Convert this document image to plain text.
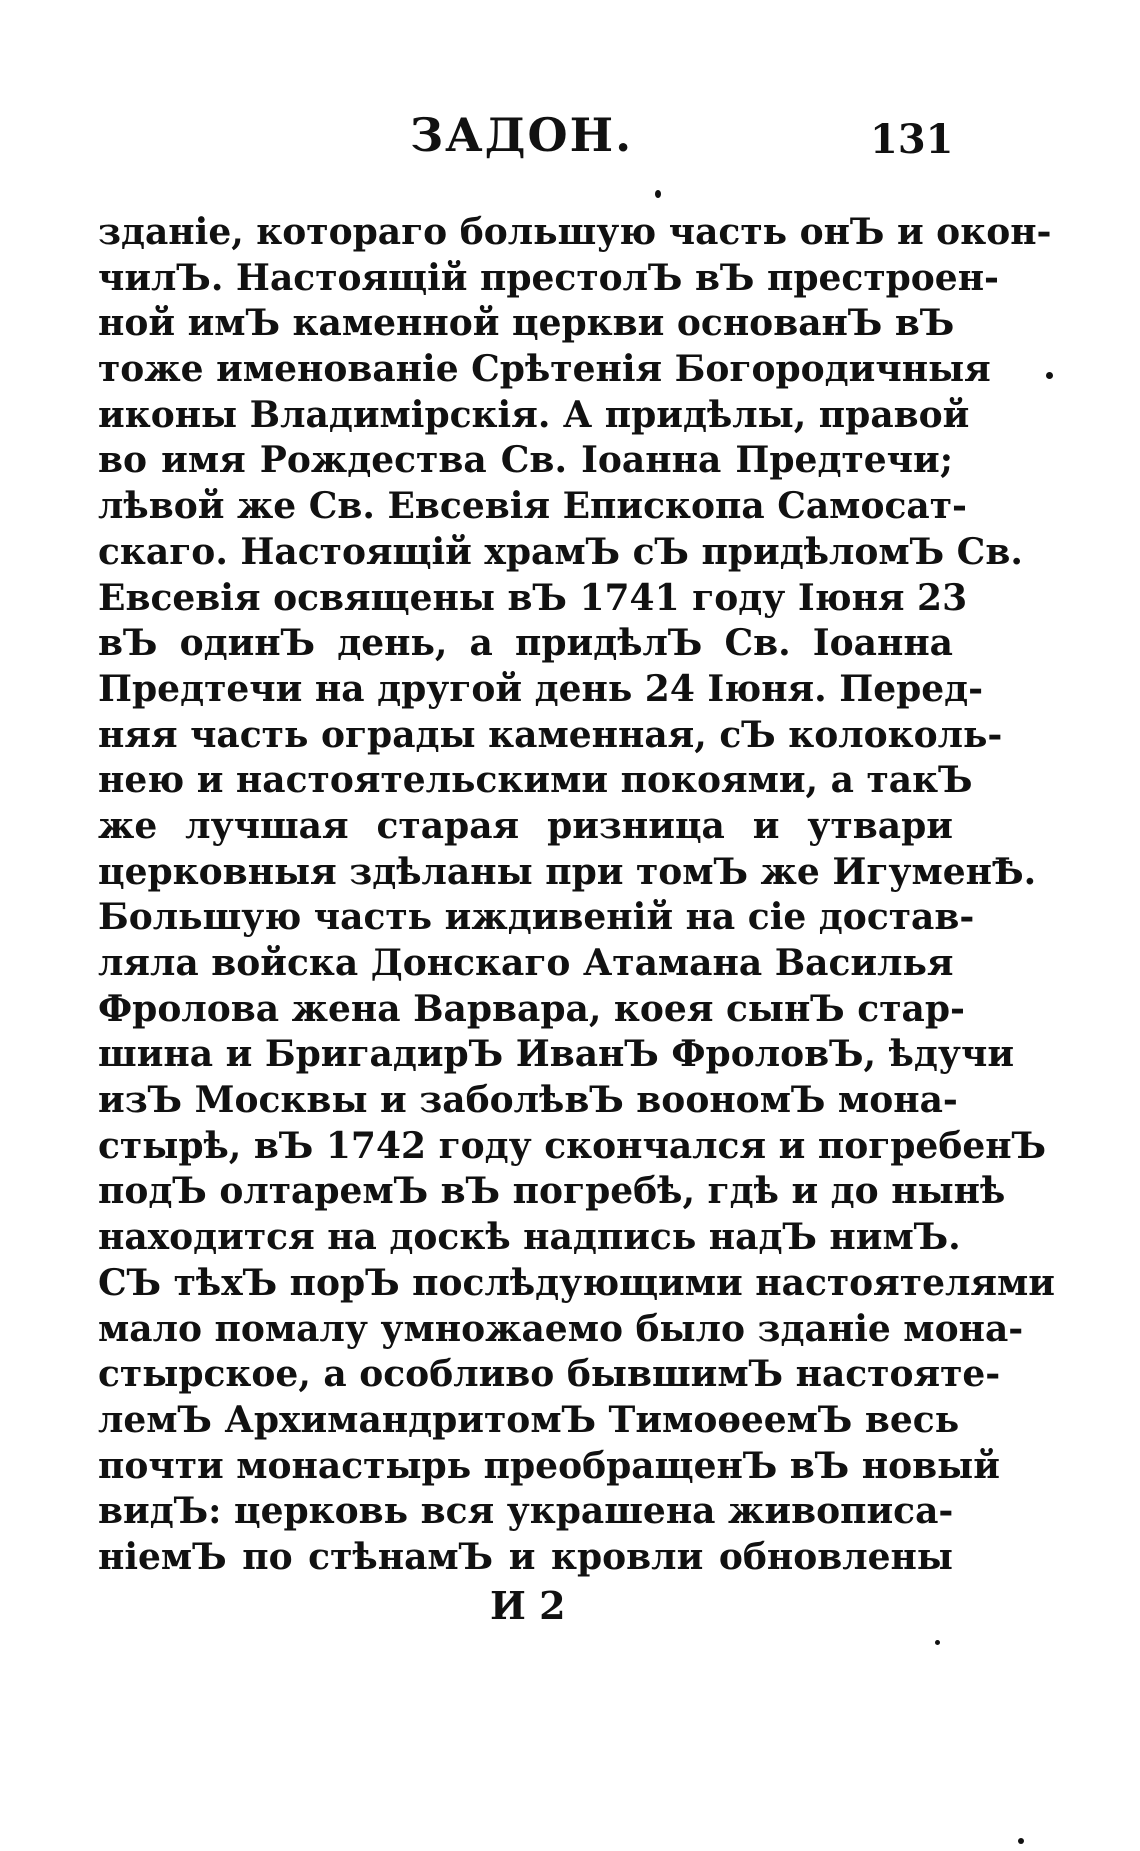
ЗАДОН.	131
зданіе, котораго большую часть онЪ и окон-
чилЪ. Настоящій престолЪ вЪ престроен-
ной имЪ каменной церкви основанЪ вЪ
тоже именованіе Срѣтенія Богородичныя
иконы Владимірскія. А придѣлы, правой
во имя Рождества Св. Іоанна Предтечи;
лѣвой же Св. Евсевія Епископа Самосат-
скаго. Настоящій храмЪ сЪ придѣломЪ Св.
Евсевія освящены вЪ 1741 году Іюня 23
вЪ одинЪ день, а придѣлЪ Св. Іоанна
Предтечи на другой день 24 Іюня. Перед-
няя часть ограды каменная, сЪ колоколь-
нею и настоятельскими покоями, а такЪ
же лучшая старая ризница и утвари
церковныя здѣланы при томЪ же ИгуменѢ.
Большую часть иждивеній на сіе достав-
ляла войска Донскаго Атамана Василья
Фролова жена Варвара, коея сынЪ стар-
шина и БригадирЪ ИванЪ ФроловЪ, ѣдучи
изЪ Москвы и заболѣвЪ воономЪ мона-
стырѣ, вЪ 1742 году скончался и погребенЪ
подЪ олтаремЪ вЪ погребѣ, гдѣ и до нынѣ
находится на доскѣ надпись надЪ нимЪ.
СЪ тѣхЪ порЪ послѣдующими настоятелями
мало помалу умножаемо было зданіе мона-
стырское, а особливо бывшимЪ настояте-
лемЪ АрхимандритомЪ ТимоѳеемЪ весь
почти монастырь преобращенЪ вЪ новый
видЪ: церковь вся украшена живописа-
ніемЪ по стѣнамЪ и кровли обновлены
И 2
